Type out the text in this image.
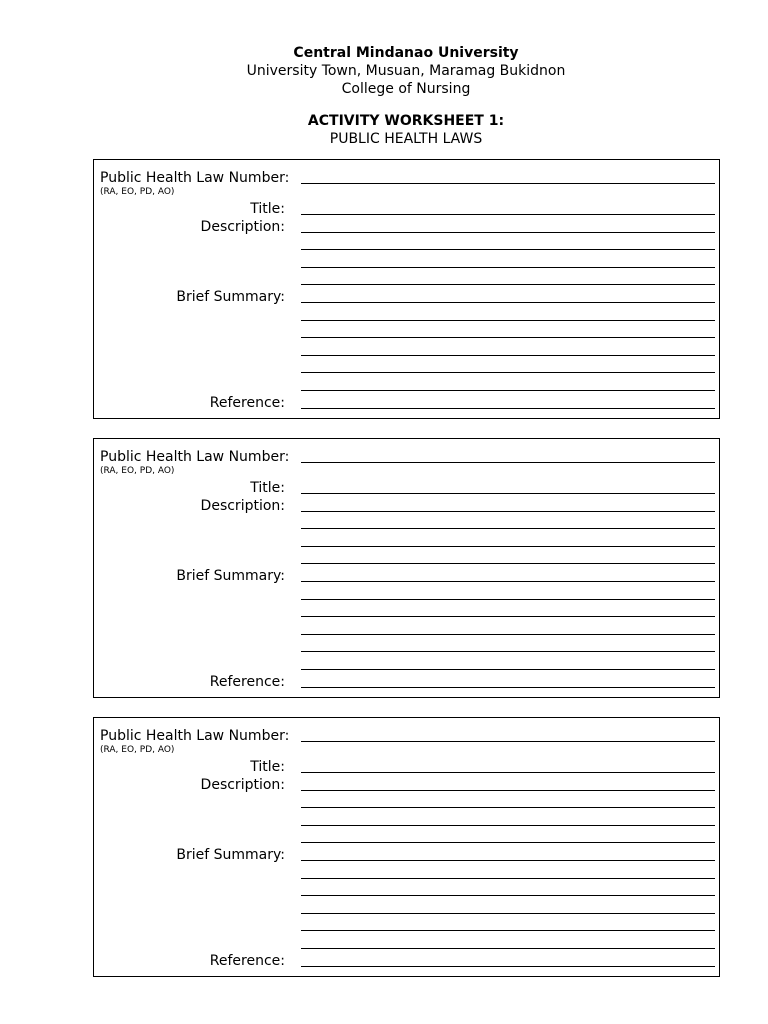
Central Mindanao University
University Town, Musuan, Maramag Bukidnon
College of Nursing
ACTIVITY WORKSHEET 1:
PUBLIC HEALTH LAWS
Public Health Law Number:
(RA, EO, PD, AO)
Title:
Description:
Brief Summary:
Reference:
Public Health Law Number:
(RA, EO, PD, AO)
Title:
Description:
Brief Summary:
Reference:
Public Health Law Number:
(RA, EO, PD, AO)
Title:
Description:
Brief Summary:
Reference:
